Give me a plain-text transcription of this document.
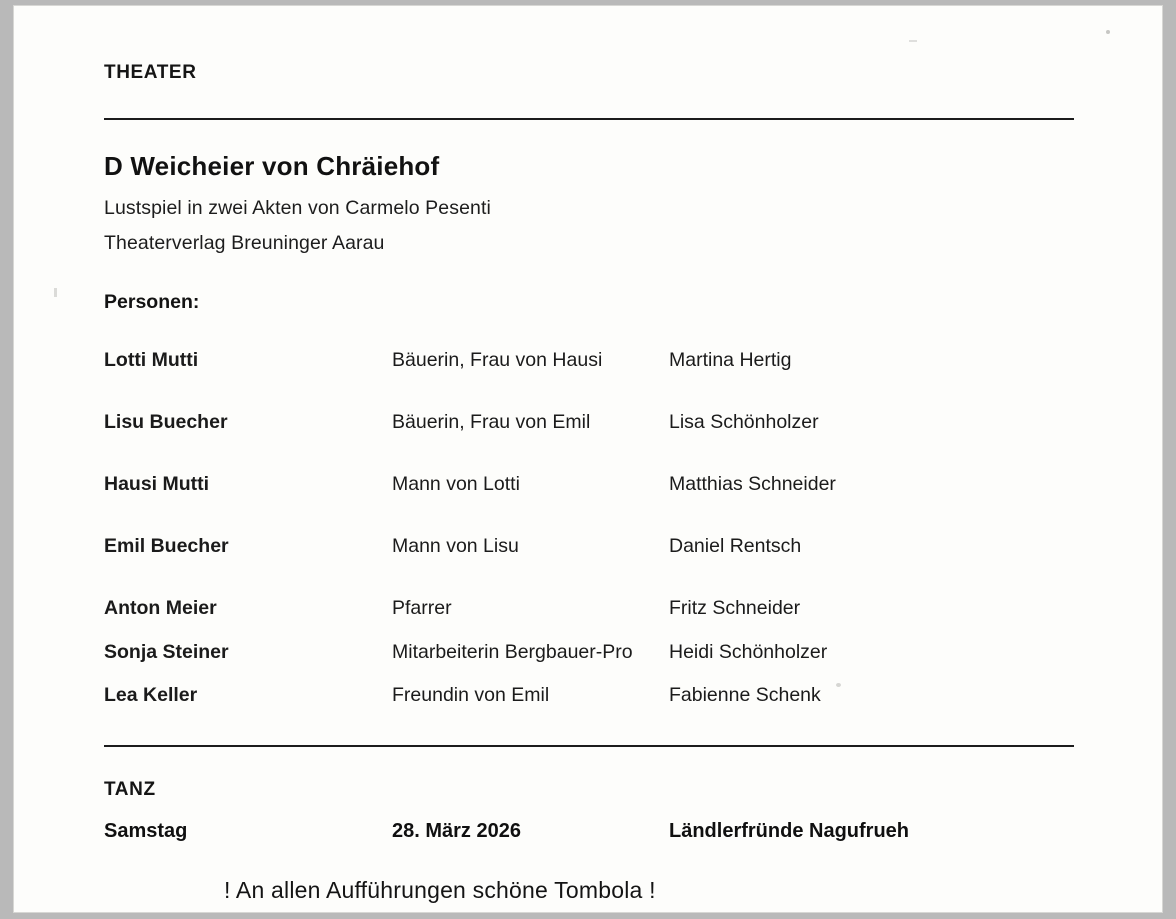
THEATER
D Weicheier von Chräiehof
Lustspiel in zwei Akten von Carmelo Pesenti
Theaterverlag Breuninger Aarau
Personen:
Lotti Mutti	Bäuerin, Frau von Hausi	Martina Hertig

Lisu Buecher	Bäuerin, Frau von Emil	Lisa Schönholzer

Hausi Mutti	Mann von Lotti	Matthias Schneider

Emil Buecher	Mann von Lisu	Daniel Rentsch

Anton Meier	Pfarrer	Fritz Schneider

Sonja Steiner	Mitarbeiterin Bergbauer-Pro	Heidi Schönholzer

Lea Keller	Freundin von Emil	Fabienne Schenk
TANZ
Samstag	28. März 2026	Ländlerfründe Nagufrueh
! An allen Aufführungen schöne Tombola !
